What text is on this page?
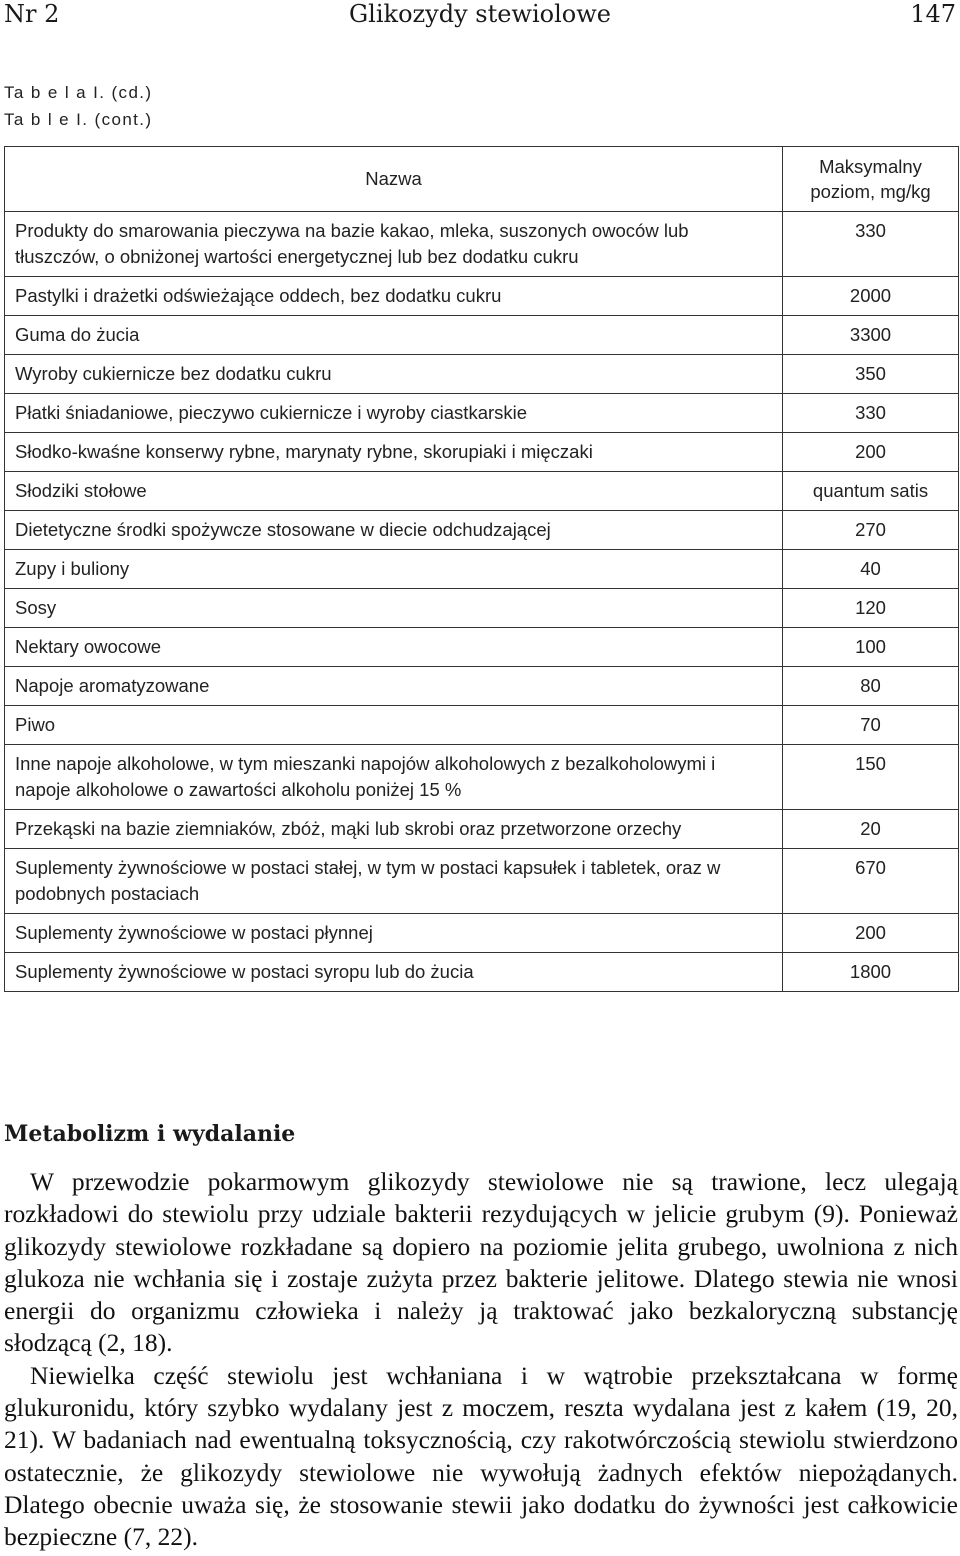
Nr 2	Glikozydy stewiolowe	147
Ta b e l a I. (cd.)
Ta b l e I. (cont.)
Nazwa	Maksymalny poziom, mg/kg
Produkty do smarowania pieczywa na bazie kakao, mleka, suszonych owoców lub tłuszczów, o obniżonej wartości energetycznej lub bez dodatku cukru	330
Pastylki i drażetki odświeżające oddech, bez dodatku cukru	2000
Guma do żucia	3300
Wyroby cukiernicze bez dodatku cukru	350
Płatki śniadaniowe, pieczywo cukiernicze i wyroby ciastkarskie	330
Słodko-kwaśne konserwy rybne, marynaty rybne, skorupiaki i mięczaki	200
Słodziki stołowe	quantum satis
Dietetyczne środki spożywcze stosowane w diecie odchudzającej	270
Zupy i buliony	40
Sosy	120
Nektary owocowe	100
Napoje aromatyzowane	80
Piwo	70
Inne napoje alkoholowe, w tym mieszanki napojów alkoholowych z bezalkoholowymi i napoje alkoholowe o zawartości alkoholu poniżej 15 %	150
Przekąski na bazie ziemniaków, zbóż, mąki lub skrobi oraz przetworzone orzechy	20
Suplementy żywnościowe w postaci stałej, w tym w postaci kapsułek i tabletek, oraz w podobnych postaciach	670
Suplementy żywnościowe w postaci płynnej	200
Suplementy żywnościowe w postaci syropu lub do żucia	1800
Metabolizm i wydalanie

W przewodzie pokarmowym glikozydy stewiolowe nie są trawione, lecz ulegają rozkładowi do stewiolu przy udziale bakterii rezydujących w jelicie grubym (9). Ponieważ glikozydy stewiolowe rozkładane są dopiero na poziomie jelita grubego, uwolniona z nich glukoza nie wchłania się i zostaje zużyta przez bakterie jelitowe. Dlatego stewia nie wnosi energii do organizmu człowieka i należy ją traktować jako bezkaloryczną substancję słodzącą (2, 18).

Niewielka część stewiolu jest wchłaniana i w wątrobie przekształcana w formę glukuronidu, który szybko wydalany jest z moczem, reszta wydalana jest z kałem (19, 20, 21). W badaniach nad ewentualną toksycznością, czy rakotwórczością stewiolu stwierdzono ostatecznie, że glikozydy stewiolowe nie wywołują żadnych efektów niepożądanych. Dlatego obecnie uważa się, że stosowanie stewii jako dodatku do żywności jest całkowicie bezpieczne (7, 22).
